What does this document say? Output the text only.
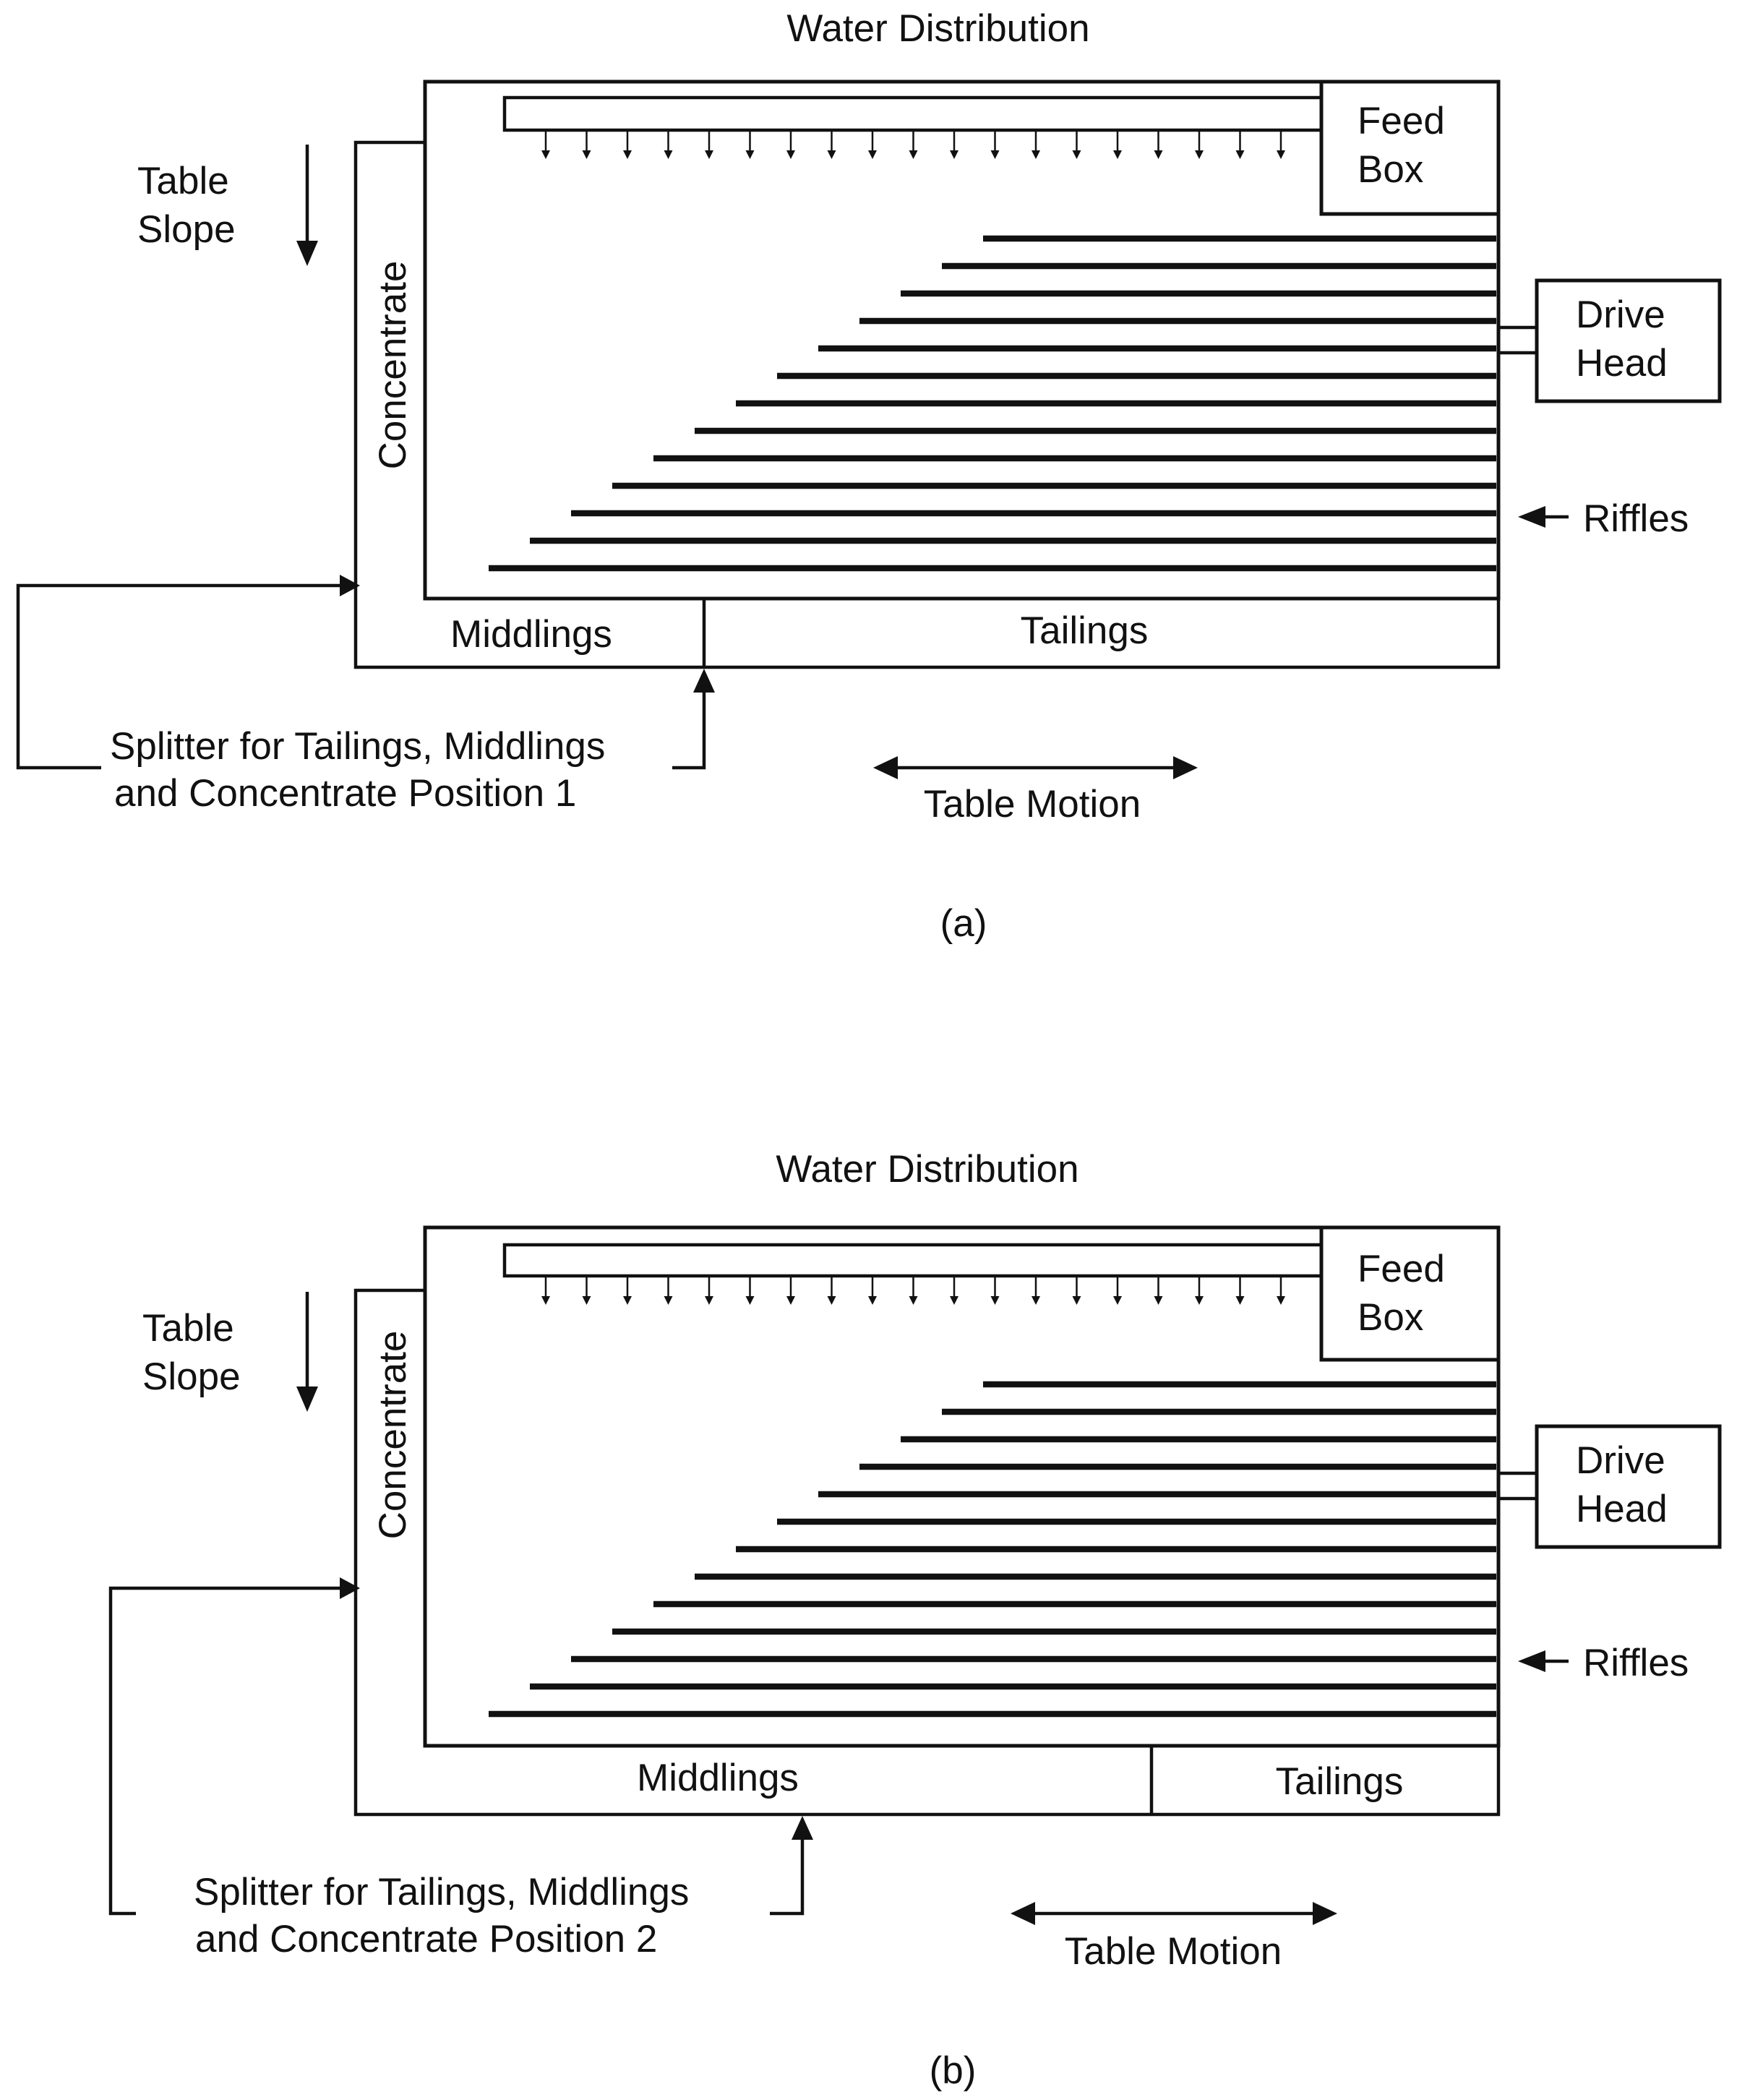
Water Distribution
Feed
Box
Drive
Head
Table
Slope
Concentrate
Riffles
Middlings	Tailings
Splitter for Tailings, Middlings
and Concentrate Position 1	Table Motion
(a)
Water Distribution
Feed
Box
Drive
Head
Table
Slope	Concentrate
Riffles
Middlings	Tailings
Splitter for Tailings, Middlings
and Concentrate Position 2	Table Motion
(b)
